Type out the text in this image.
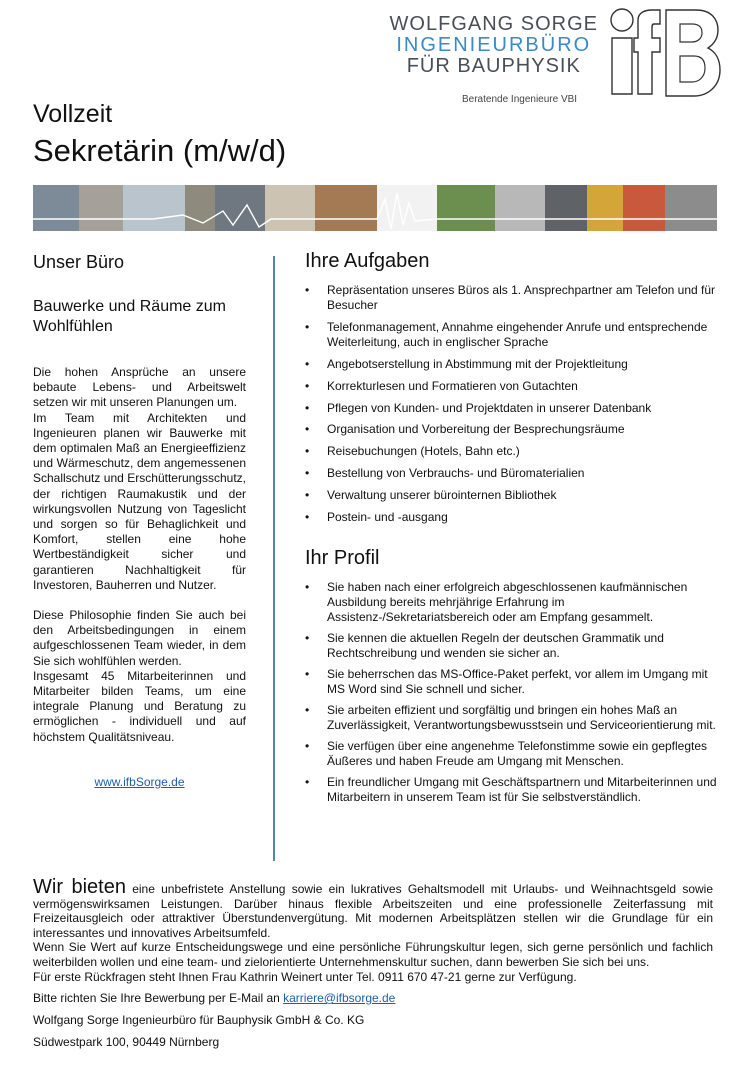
WOLFGANG SORGE
INGENIEURBÜRO
FÜR BAUPHYSIK
Beratende Ingenieure VBI
Vollzeit
Sekretärin (m/w/d)
Unser Büro
Bauwerke und Räume zum Wohlfühlen

Die hohen Ansprüche an unsere bebaute Lebens- und Arbeitswelt setzen wir mit unseren Planungen um.

Im Team mit Architekten und Ingenieuren planen wir Bauwerke mit dem optimalen Maß an Energieeffizienz und Wärmeschutz, dem angemessenen Schallschutz und Erschütterungsschutz, der richtigen Raumakustik und der wirkungsvollen Nutzung von Tageslicht und sorgen so für Behaglichkeit und Komfort, stellen eine hohe Wertbeständigkeit sicher und garantieren Nachhaltigkeit für Investoren, Bauherren und Nutzer.

Diese Philosophie finden Sie auch bei den Arbeitsbedingungen in einem aufgeschlossenen Team wieder, in dem Sie sich wohlfühlen werden.

Insgesamt 45 Mitarbeiterinnen und Mitarbeiter bilden Teams, um eine integrale Planung und Beratung zu ermöglichen - individuell und auf höchstem Qualitätsniveau.

www.ifbSorge.de
Ihre Aufgaben
• Repräsentation unseres Büros als 1. Ansprechpartner am Telefon und für Besucher
• Telefonmanagement, Annahme eingehender Anrufe und entsprechende Weiterleitung, auch in englischer Sprache
• Angebotserstellung in Abstimmung mit der Projektleitung
• Korrekturlesen und Formatieren von Gutachten
• Pflegen von Kunden- und Projektdaten in unserer Datenbank
• Organisation und Vorbereitung der Besprechungsräume
• Reisebuchungen (Hotels, Bahn etc.)
• Bestellung von Verbrauchs- und Büromaterialien
• Verwaltung unserer bürointernen Bibliothek
• Postein- und -ausgang
Ihr Profil
• Sie haben nach einer erfolgreich abgeschlossenen kaufmännischen Ausbildung bereits mehrjährige Erfahrung im Assistenz-/Sekretariatsbereich oder am Empfang gesammelt.
• Sie kennen die aktuellen Regeln der deutschen Grammatik und Rechtschreibung und wenden sie sicher an.
• Sie beherrschen das MS-Office-Paket perfekt, vor allem im Umgang mit MS Word sind Sie schnell und sicher.
• Sie arbeiten effizient und sorgfältig und bringen ein hohes Maß an Zuverlässigkeit, Verantwortungsbewusstsein und Serviceorientierung mit.
• Sie verfügen über eine angenehme Telefonstimme sowie ein gepflegtes Äußeres und haben Freude am Umgang mit Menschen.
• Ein freundlicher Umgang mit Geschäftspartnern und Mitarbeiterinnen und Mitarbeitern in unserem Team ist für Sie selbstverständlich.

Wir bieten eine unbefristete Anstellung sowie ein lukratives Gehaltsmodell mit Urlaubs- und Weihnachtsgeld sowie vermögenswirksamen Leistungen. Darüber hinaus flexible Arbeitszeiten und eine professionelle Zeiterfassung mit Freizeitausgleich oder attraktiver Überstundenvergütung. Mit modernen Arbeitsplätzen stellen wir die Grundlage für ein interessantes und innovatives Arbeitsumfeld.

Wenn Sie Wert auf kurze Entscheidungswege und eine persönliche Führungskultur legen, sich gerne persönlich und fachlich weiterbilden wollen und eine team- und zielorientierte Unternehmenskultur suchen, dann bewerben Sie sich bei uns.

Für erste Rückfragen steht Ihnen Frau Kathrin Weinert unter Tel. 0911 670 47-21 gerne zur Verfügung.
Bitte richten Sie Ihre Bewerbung per E-Mail an karriere@ifbsorge.de
Wolfgang Sorge Ingenieurbüro für Bauphysik GmbH & Co. KG
Südwestpark 100, 90449 Nürnberg
